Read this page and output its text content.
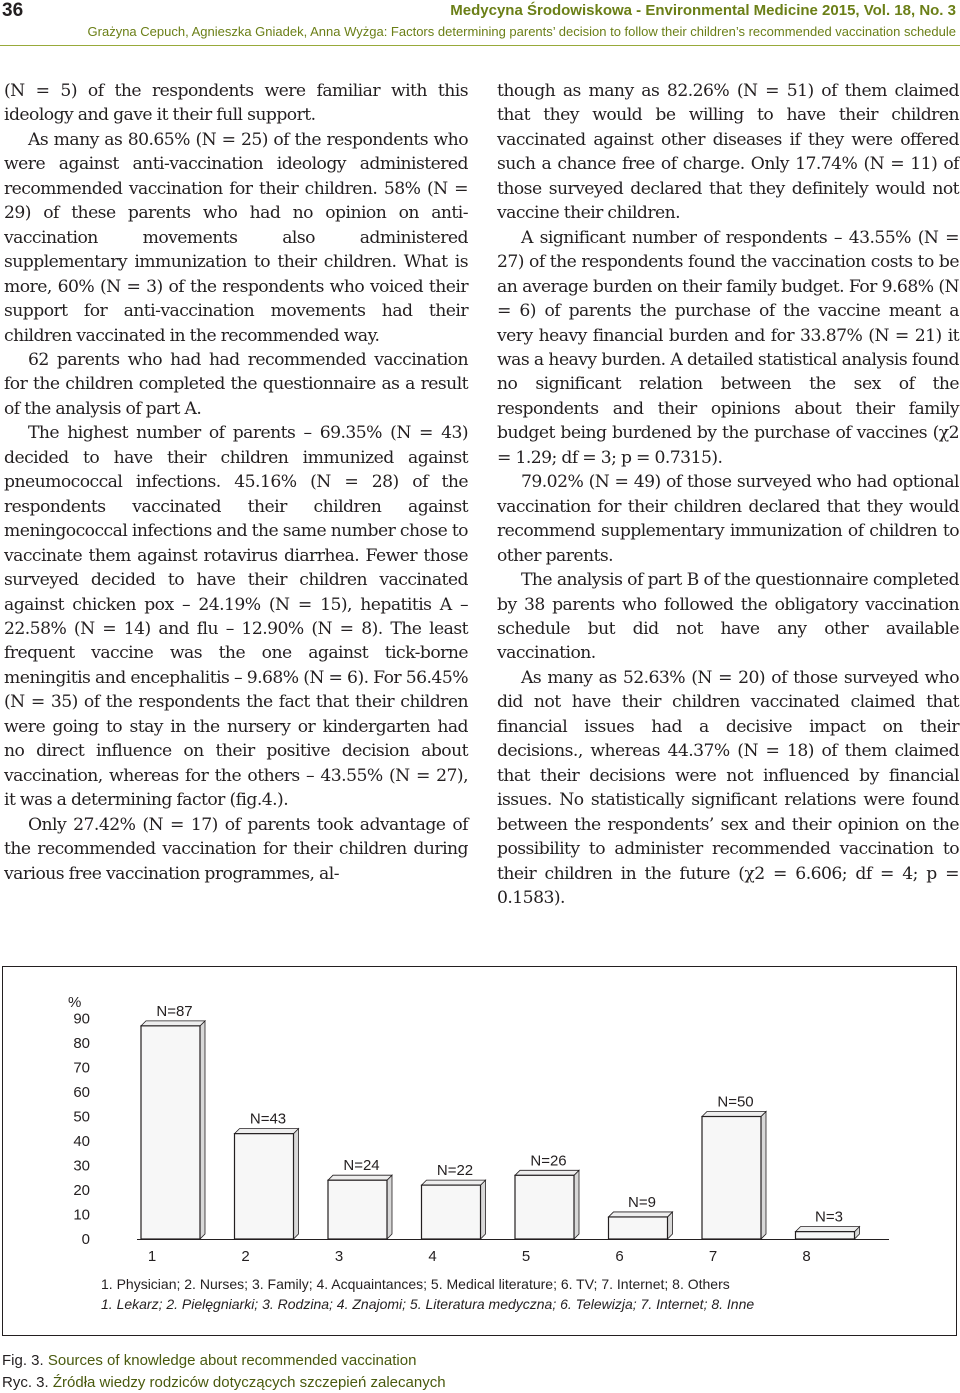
36	Medycyna Środowiskowa - Environmental Medicine 2015, Vol. 18, No. 3
Grażyna Cepuch, Agnieszka Gniadek, Anna Wyżga: Factors determining parents’ decision to follow their children’s recommended vaccination schedule

(N = 5) of the respondents were familiar with this ideology and gave it their full support.

As many as 80.65% (N = 25) of the respondents who were against anti-vaccination ideology administered recommended vaccination for their children. 58% (N = 29) of these parents who had no opinion on anti-vaccination movements also administered supplementary immunization to their children. What is more, 60% (N = 3) of the respondents who voiced their support for anti-vaccination movements had their children vaccinated in the recommended way.

62 parents who had had recommended vaccination for the children completed the questionnaire as a result of the analysis of part A.

The highest number of parents – 69.35% (N = 43) decided to have their children immunized against pneumococcal infections. 45.16% (N = 28) of the respondents vaccinated their children against meningococcal infections and the same number chose to vaccinate them against rotavirus diarrhea. Fewer those surveyed decided to have their children vaccinated against chicken pox – 24.19% (N = 15), hepatitis A – 22.58% (N = 14) and flu – 12.90% (N = 8). The least frequent vaccine was the one against tick-borne meningitis and encephalitis – 9.68% (N = 6). For 56.45% (N = 35) of the respondents the fact that their children were going to stay in the nursery or kindergarten had no direct influence on their positive decision about vaccination, whereas for the others – 43.55% (N = 27), it was a determining factor (fig.4.).

Only 27.42% (N = 17) of parents took advantage of the recommended vaccination for their children during various free vaccination programmes, al-

though as many as 82.26% (N = 51) of them claimed that they would be willing to have their children vaccinated against other diseases if they were offered such a chance free of charge. Only 17.74% (N = 11) of those surveyed declared that they definitely would not vaccine their children.

A significant number of respondents – 43.55% (N = 27) of the respondents found the vaccination costs to be an average burden on their family budget. For 9.68% (N = 6) of parents the purchase of the vaccine meant a very heavy financial burden and for 33.87% (N = 21) it was a heavy burden. A detailed statistical analysis found no significant relation between the sex of the respondents and their opinions about their family budget being burdened by the purchase of vaccines (χ2 = 1.29; df = 3; p = 0.7315).

79.02% (N = 49) of those surveyed who had optional vaccination for their children declared that they would recommend supplementary immunization of children to other parents.

The analysis of part B of the questionnaire completed by 38 parents who followed the obligatory vaccination schedule but did not have any other available vaccination.

As many as 52.63% (N = 20) of those surveyed who did not have their children vaccinated claimed that financial issues had a decisive impact on their decisions., whereas 44.37% (N = 18) of them claimed that their decisions were not influenced by financial issues. No statistically significant relations were found between the respondents’ sex and their opinion on the possibility to administer recommended vaccination to their children in the future (χ2 = 6.606; df = 4; p = 0.1583).

%
0
10
20
30
40
50
60
70
80
90	N=87
1
N=43
2
N=24
3
N=22
4
N=26
5
N=9
6
N=50
7
N=3
8
1. Physician; 2. Nurses; 3. Family; 4. Acquaintances; 5. Medical literature; 6. TV; 7. Internet; 8. Others
1. Lekarz; 2. Pielęgniarki; 3. Rodzina; 4. Znajomi; 5. Literatura medyczna; 6. Telewizja; 7. Internet; 8. Inne
Fig. 3. Sources of knowledge about recommended vaccination
Ryc. 3. Źródła wiedzy rodziców dotyczących szczepień zalecanych
